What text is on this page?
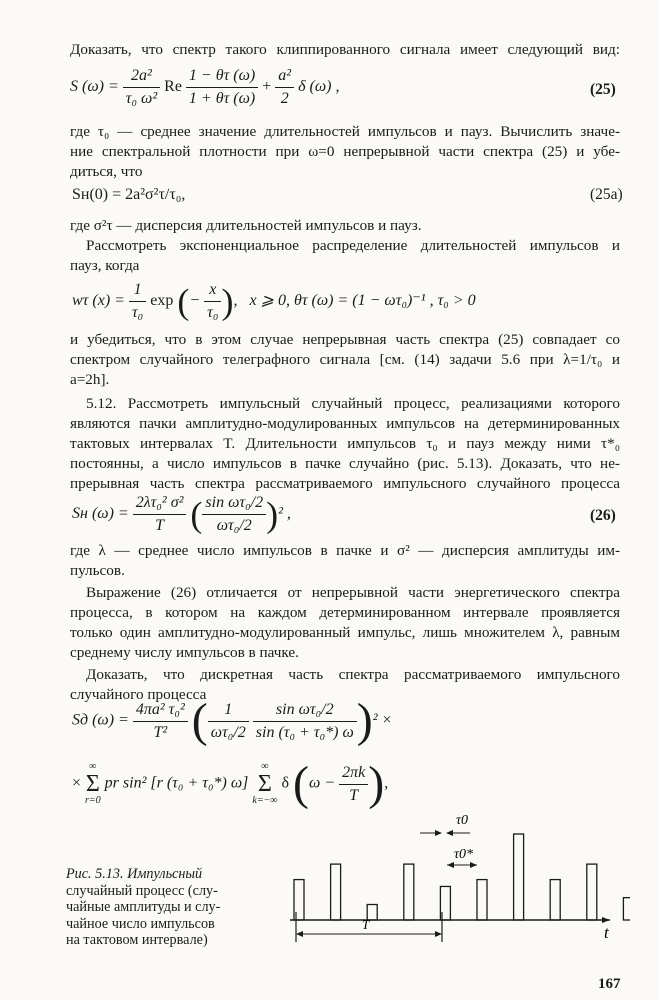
Доказать, что спектр такого клиппированного сигнала имеет следующий вид:
S $(\omega) = \frac{\text{2a²}}{\text{τ₀ ω²}}$ Re $\frac{1 - \theta\tau (\omega)}{1 + \theta\tau (\omega)} + \frac{\text{a²}}{2}$ δ (ω) ,	(25)
где τ₀ — среднее значение длительностей импульсов и пауз. Вычислить значе-
ние спектральной плотности при ω=0 непрерывной части спектра (25) и убе-
диться, что
Sн(0) = 2a²σ²τ/τ₀,	(25а)
где σ²τ — дисперсия длительностей импульсов и пауз.
Рассмотреть экспоненциальное распределение длительностей импульсов и
пауз, когда
wτ $(x) = \frac{1}{\text{τ₀}}$ exp (− $\frac{x}{\text{τ₀}}$ ),   x ⩾ 0, θτ (ω) = (1 − ωτ₀)⁻¹ , τ₀ > 0
и убедиться, что в этом случае непрерывная часть спектра (25) совпадает со
спектром случайного телеграфного сигнала [см. (14) задачи 5.6 при λ=1/τ₀ и
a=2h].
5.12. Рассмотреть импульсный случайный процесс, реализациями которого
являются пачки амплитудно-модулированных импульсов на детерминированных
тактовых интервалах T. Длительности импульсов τ₀ и пауз между ними τ*₀
постоянны, а число импульсов в пачке случайно (рис. 5.13). Доказать, что не-
прерывная часть спектра рассматриваемого импульсного случайного процесса
Sн $(\omega) = \frac{\text{2λτ₀² σ²}}{T}$ ( $\frac{\text{sin ωτ₀/2}}{\text{ωτ₀/2}} )^2$ ,	(26)
где λ — среднее число импульсов в пачке и σ² — дисперсия амплитуды им-
пульсов.
Выражение (26) отличается от непрерывной части энергетического спектра
процесса, в котором на каждом детерминированном интервале проявляется
только один амплитудно-модулированный импульс, лишь множителем λ, равным
среднему числу импульсов в пачке.
Доказать, что дискретная часть спектра рассматриваемого импульсного
случайного процесса
Sд $(\omega) = \frac{\text{4πa² τ₀²}}{\text{T²}}$ ( $\frac{1}{\text{ωτ₀/2}}$
$\frac{\text{sin ωτ₀/2}}{\text{sin (τ₀ + τ₀*) ω}} )^2$ ×
×
∞
Σ
r=0
pr sin² [r (τ₀ + τ₀*) ω]
∞
Σ
k=−∞
δ ($\omega - \frac{2\pi k}{T}$ ),
Рис. 5.13. Импульсный
случайный процесс (слу-
чайные амплитуды и слу-
чайное число импульсов
на тактовом интервале)
T
τ0
τ0*
t
167
